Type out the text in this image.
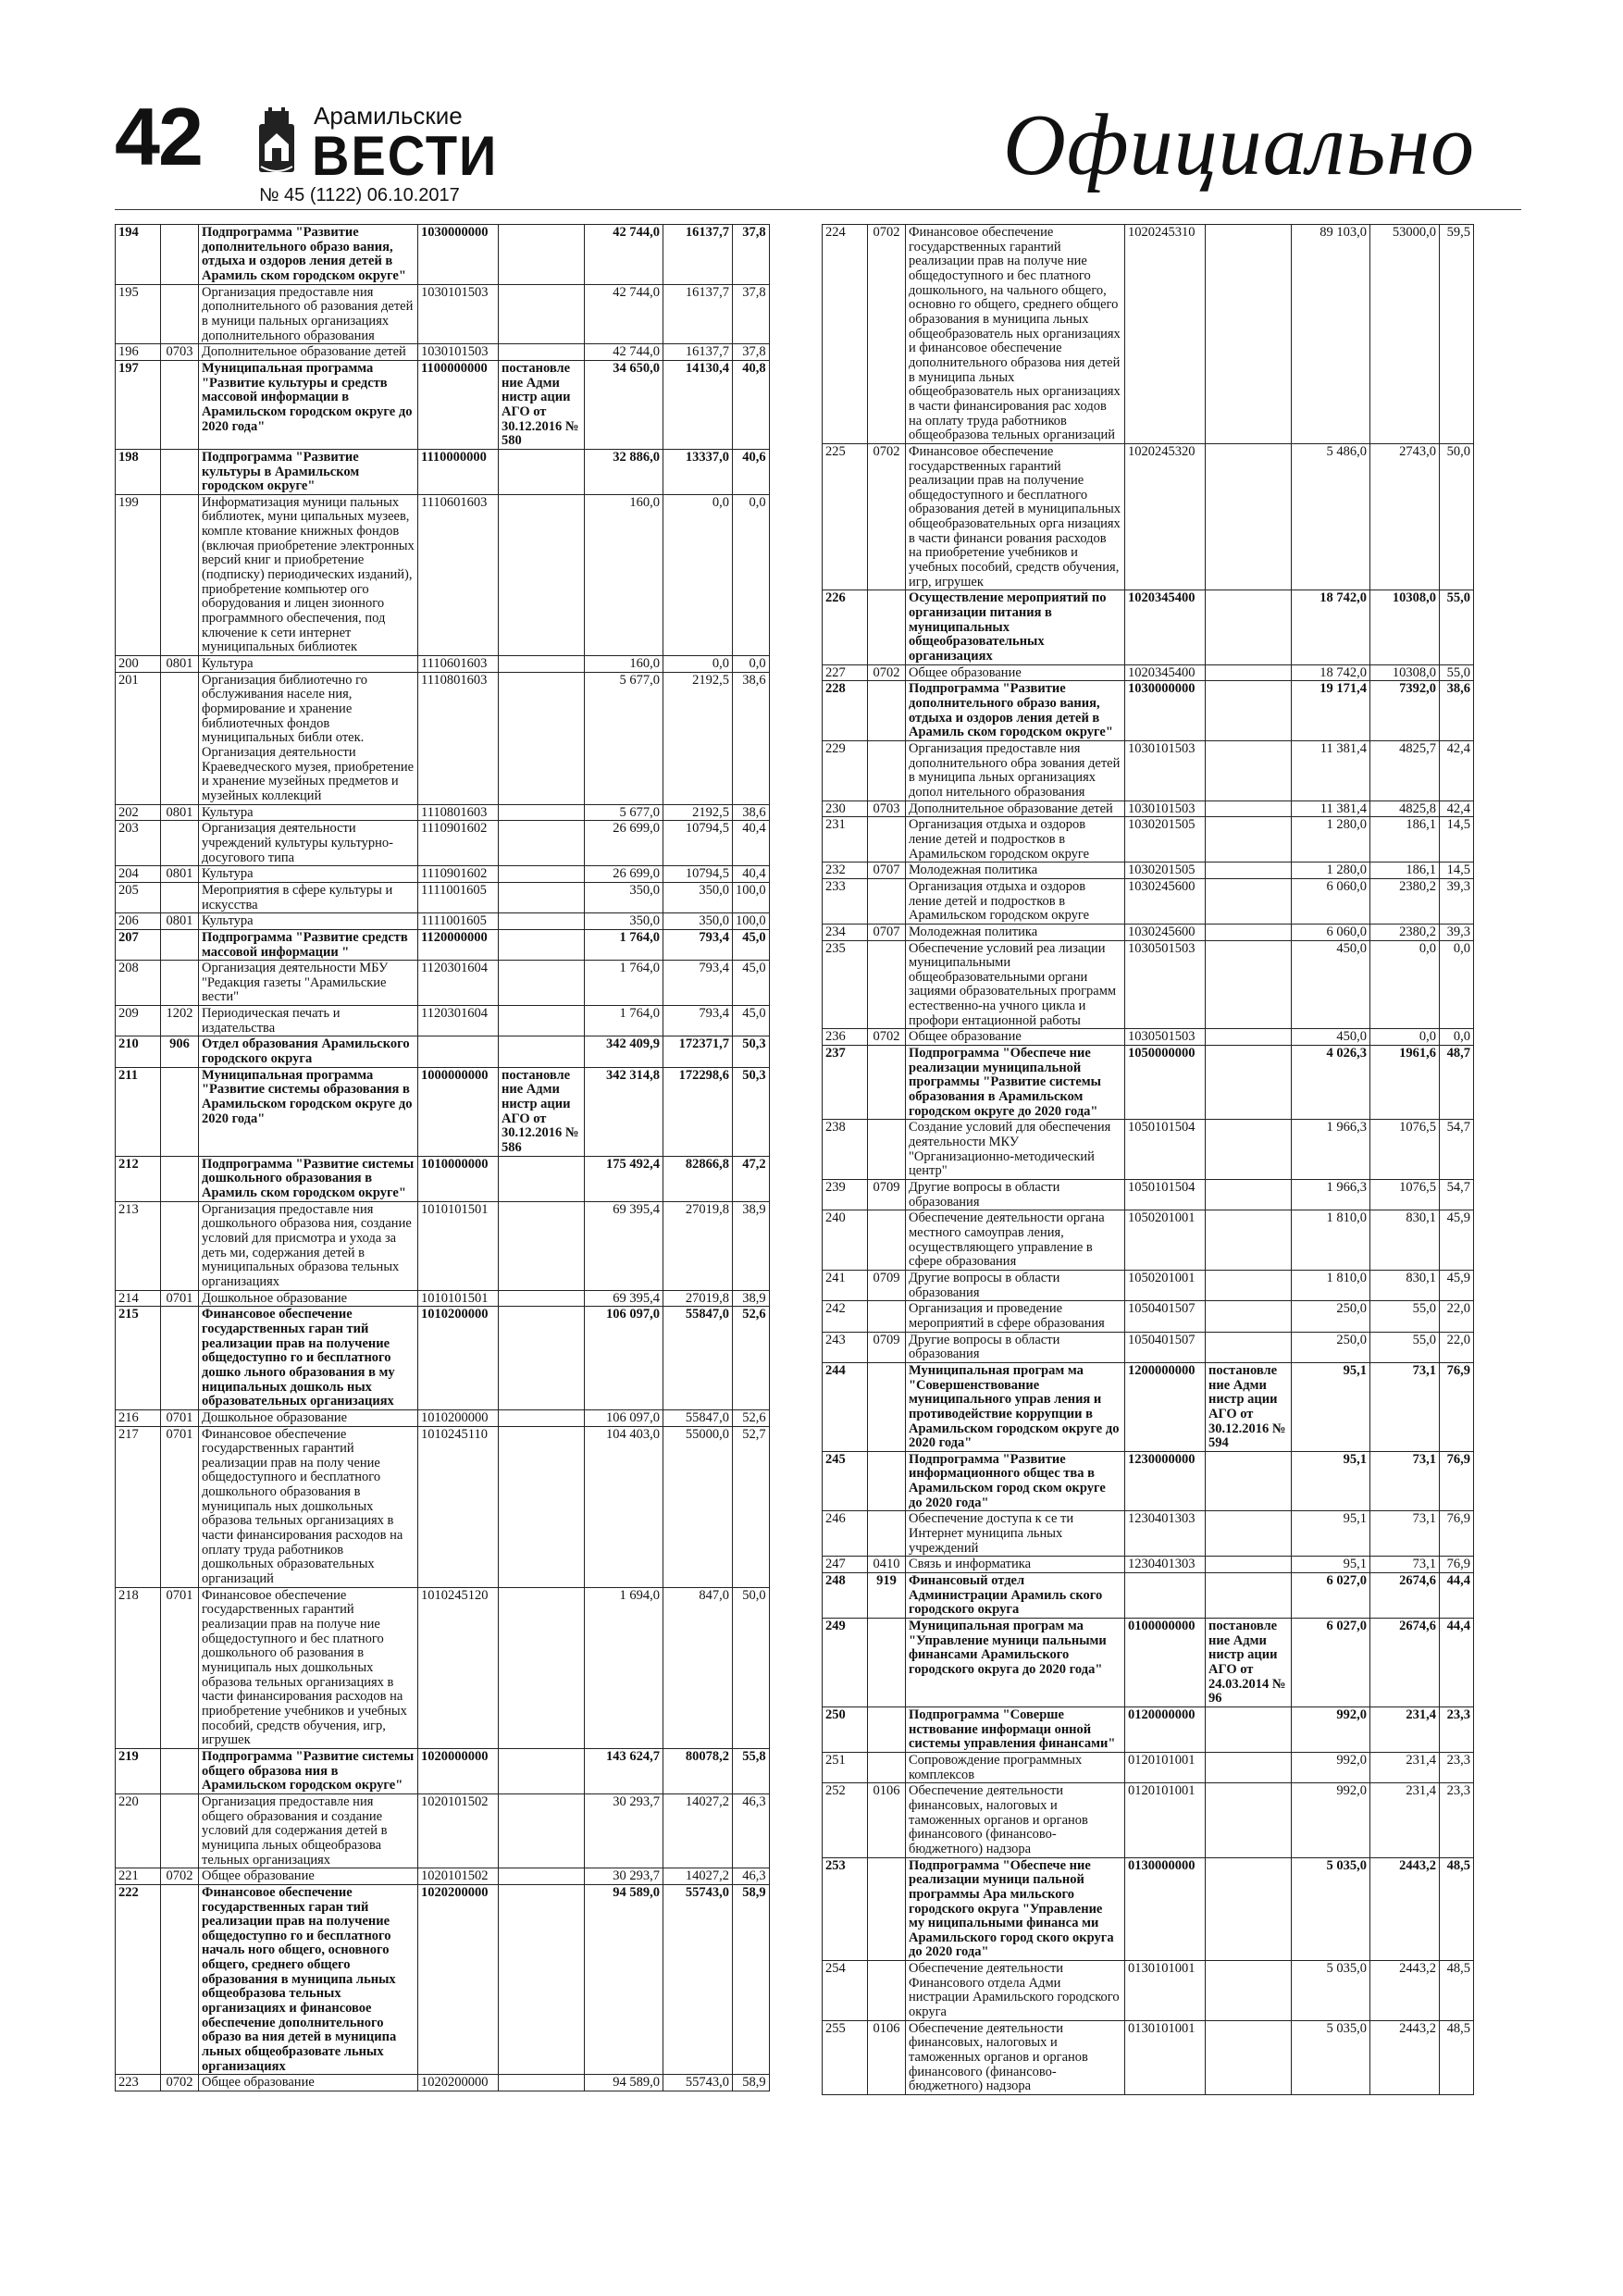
42	Арамильские
ВЕСТИ
№ 45 (1122) 06.10.2017
Официально
194		Подпрограмма "Развитие дополнительного образо вания, отдыха и оздоров ления детей в Арамиль ском городском округе"	1030000000		42 744,0	16137,7	37,8
195		Организация предоставле ния дополнительного об разования детей в муници пальных организациях дополнительного образования	1030101503		42 744,0	16137,7	37,8
196	0703	Дополнительное образование детей	1030101503		42 744,0	16137,7	37,8
197		Муниципальная программа "Развитие культуры и средств массовой информации в Арамильском городском округе до 2020 года"	1100000000	постановле ние Адми нистр ации АГО от 30.12.2016 № 580	34 650,0	14130,4	40,8
198		Подпрограмма "Развитие культуры в Арамильском городском округе"	1110000000		32 886,0	13337,0	40,6
199		Информатизация муници пальных библиотек, муни ципальных музеев, компле ктование книжных фондов (включая приобретение электронных версий книг и приобретение (подписку) периодических изданий), приобретение компьютер ого оборудования и лицен зионного программного обеспечения, под ключение к сети интернет муниципальных библиотек	1110601603		160,0	0,0	0,0
200	0801	Культура	1110601603		160,0	0,0	0,0
201		Организация библиотечно го обслуживания населе ния, формирование и хранение библиотечных фондов муниципальных библи отек. Организация деятельности Краеведческого музея, приобретение и хранение музейных предметов и музейных коллекций	1110801603		5 677,0	2192,5	38,6
202	0801	Культура	1110801603		5 677,0	2192,5	38,6
203		Организация деятельности учреждений культуры культурно-досугового типа	1110901602		26 699,0	10794,5	40,4
204	0801	Культура	1110901602		26 699,0	10794,5	40,4
205		Мероприятия в сфере культуры и искусства	1111001605		350,0	350,0	100,0
206	0801	Культура	1111001605		350,0	350,0	100,0
207		Подпрограмма "Развитие средств массовой информации "	1120000000		1 764,0	793,4	45,0
208		Организация деятельности МБУ "Редакция газеты "Арамильские вести"	1120301604		1 764,0	793,4	45,0
209	1202	Периодическая печать и издательства	1120301604		1 764,0	793,4	45,0
210	906	Отдел образования Арамильского городского округа			342 409,9	172371,7	50,3
211		Муниципальная программа "Развитие системы образования в Арамильском городском округе до 2020 года"	1000000000	постановле ние Адми нистр ации АГО от 30.12.2016 № 586	342 314,8	172298,6	50,3
212		Подпрограмма "Развитие системы дошкольного образования в Арамиль ском городском округе"	1010000000		175 492,4	82866,8	47,2
213		Организация предоставле ния дошкольного образова ния, создание условий для присмотра и ухода за деть ми, содержания детей в муниципальных образова тельных организациях	1010101501		69 395,4	27019,8	38,9
214	0701	Дошкольное образование	1010101501		69 395,4	27019,8	38,9
215		Финансовое обеспечение государственных гаран тий реализации прав на получение общедоступно го и бесплатного дошко льного образования в му ниципальных дошколь ных образовательных организациях	1010200000		106 097,0	55847,0	52,6
216	0701	Дошкольное образование	1010200000		106 097,0	55847,0	52,6
217	0701	Финансовое обеспечение государственных гарантий реализации прав на полу чение общедоступного и бесплатного дошкольного образования в муниципаль ных дошкольных образова тельных организациях в части финансирования расходов на оплату труда работников дошкольных образовательных организаций	1010245110		104 403,0	55000,0	52,7
218	0701	Финансовое обеспечение государственных гарантий реализации прав на получе ние общедоступного и бес платного дошкольного об разования в муниципаль ных дошкольных образова тельных организациях в части финансирования расходов на приобретение учебников и учебных пособий, средств обучения, игр, игрушек	1010245120		1 694,0	847,0	50,0
219		Подпрограмма "Развитие системы общего образова ния в Арамильском городском округе"	1020000000		143 624,7	80078,2	55,8
220		Организация предоставле ния общего образования и создание условий для содержания детей в муниципа льных общеобразова тельных организациях	1020101502		30 293,7	14027,2	46,3
221	0702	Общее образование	1020101502		30 293,7	14027,2	46,3
222		Финансовое обеспечение государственных гаран тий реализации прав на получение общедоступно го и бесплатного началь ного общего, основного общего, среднего общего образования в муниципа льных общеобразова тельных организациях и финансовое обеспечение дополнительного образо ва ния детей в муниципа льных общеобразовате льных организациях	1020200000		94 589,0	55743,0	58,9
223	0702	Общее образование	1020200000		94 589,0	55743,0	58,9
224	0702	Финансовое обеспечение государственных гарантий реализации прав на получе ние общедоступного и бес платного дошкольного, на чального общего, основно го общего, среднего общего образования в муниципа льных общеобразователь ных организациях и финансовое обеспечение дополнительного образова ния детей в муниципа льных общеобразователь ных организациях в части финансирования рас ходов на оплату труда работников общеобразова тельных организаций	1020245310		89 103,0	53000,0	59,5
225	0702	Финансовое обеспечение государственных гарантий реализации прав на получение общедоступного и бесплатного образования детей в муниципальных общеобразовательных орга низациях в части финанси рования расходов на приобретение учебников и учебных пособий, средств обучения, игр, игрушек	1020245320		5 486,0	2743,0	50,0
226		Осуществление мероприятий по организации питания в муниципальных общеобразовательных организациях	1020345400		18 742,0	10308,0	55,0
227	0702	Общее образование	1020345400		18 742,0	10308,0	55,0
228		Подпрограмма "Развитие дополнительного образо вания, отдыха и оздоров ления детей в Арамиль ском городском округе"	1030000000		19 171,4	7392,0	38,6
229		Организация предоставле ния дополнительного обра зования детей в муниципа льных организациях допол нительного образования	1030101503		11 381,4	4825,7	42,4
230	0703	Дополнительное образование детей	1030101503		11 381,4	4825,8	42,4
231		Организация отдыха и оздоров ление детей и подростков в Арамильском городском округе	1030201505		1 280,0	186,1	14,5
232	0707	Молодежная политика	1030201505		1 280,0	186,1	14,5
233		Организация отдыха и оздоров ление детей и подростков в Арамильском городском округе	1030245600		6 060,0	2380,2	39,3
234	0707	Молодежная политика	1030245600		6 060,0	2380,2	39,3
235		Обеспечение условий реа лизации муниципальными общеобразовательными органи зациями образовательных программ естественно-на учного цикла и профори ентационной работы	1030501503		450,0	0,0	0,0
236	0702	Общее образование	1030501503		450,0	0,0	0,0
237		Подпрограмма "Обеспече ние реализации муниципальной программы "Развитие системы образования в Арамильском городском округе до 2020 года"	1050000000		4 026,3	1961,6	48,7
238		Создание условий для обеспечения деятельности МКУ "Организационно-методический центр"	1050101504		1 966,3	1076,5	54,7
239	0709	Другие вопросы в области образования	1050101504		1 966,3	1076,5	54,7
240		Обеспечение деятельности органа местного самоуправ ления, осуществляющего управление в сфере образования	1050201001		1 810,0	830,1	45,9
241	0709	Другие вопросы в области образования	1050201001		1 810,0	830,1	45,9
242		Организация и проведение мероприятий в сфере образования	1050401507		250,0	55,0	22,0
243	0709	Другие вопросы в области образования	1050401507		250,0	55,0	22,0
244		Муниципальная програм ма "Совершенствование муниципального управ ления и противодействие коррупции в Арамильском городском округе до 2020 года"	1200000000	постановле ние Адми нистр ации АГО от 30.12.2016 № 594	95,1	73,1	76,9
245		Подпрограмма "Развитие информационного общес тва в Арамильском город ском округе до 2020 года"	1230000000		95,1	73,1	76,9
246		Обеспечение доступа к се ти Интернет муниципа льных учреждений	1230401303		95,1	73,1	76,9
247	0410	Связь и информатика	1230401303		95,1	73,1	76,9
248	919	Финансовый отдел Администрации Арамиль ского городского округа			6 027,0	2674,6	44,4
249		Муниципальная програм ма "Управление муници пальными финансами Арамильского городского округа до 2020 года"	0100000000	постановле ние Адми нистр ации АГО от 24.03.2014 № 96	6 027,0	2674,6	44,4
250		Подпрограмма "Соверше нствование информаци онной системы управления финансами"	0120000000		992,0	231,4	23,3
251		Сопровождение программных комплексов	0120101001		992,0	231,4	23,3
252	0106	Обеспечение деятельности финансовых, налоговых и таможенных органов и органов финансового (финансово-бюджетного) надзора	0120101001		992,0	231,4	23,3
253		Подпрограмма "Обеспече ние реализации муници пальной программы Ара мильского городского округа "Управление му ниципальными финанса ми Арамильского город ского округа до 2020 года"	0130000000		5 035,0	2443,2	48,5
254		Обеспечение деятельности Финансового отдела Адми нистрации Арамильского городского округа	0130101001		5 035,0	2443,2	48,5
255	0106	Обеспечение деятельности финансовых, налоговых и таможенных органов и органов финансового (финансово-бюджетного) надзора	0130101001		5 035,0	2443,2	48,5
